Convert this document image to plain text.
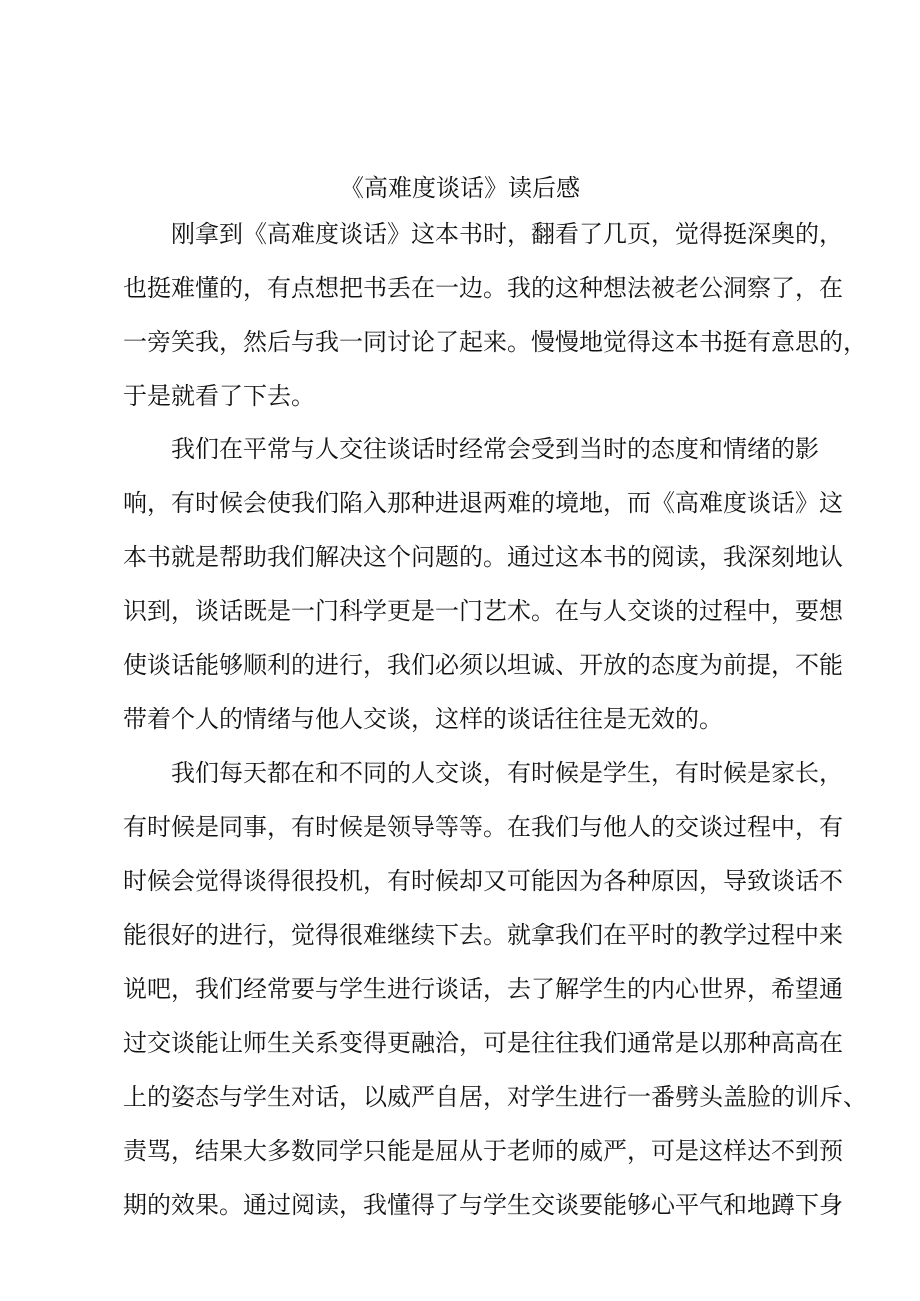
《高难度谈话》读后感
刚拿到《高难度谈话》这本书时，翻看了几页，觉得挺深奥的，
也挺难懂的，有点想把书丢在一边。我的这种想法被老公洞察了，在
一旁笑我，然后与我一同讨论了起来。慢慢地觉得这本书挺有意思的，
于是就看了下去。
我们在平常与人交往谈话时经常会受到当时的态度和情绪的影
响，有时候会使我们陷入那种进退两难的境地，而《高难度谈话》这
本书就是帮助我们解决这个问题的。通过这本书的阅读，我深刻地认
识到，谈话既是一门科学更是一门艺术。在与人交谈的过程中，要想
使谈话能够顺利的进行，我们必须以坦诚、开放的态度为前提，不能
带着个人的情绪与他人交谈，这样的谈话往往是无效的。
我们每天都在和不同的人交谈，有时候是学生，有时候是家长，
有时候是同事，有时候是领导等等。在我们与他人的交谈过程中，有
时候会觉得谈得很投机，有时候却又可能因为各种原因，导致谈话不
能很好的进行，觉得很难继续下去。就拿我们在平时的教学过程中来
说吧，我们经常要与学生进行谈话，去了解学生的内心世界，希望通
过交谈能让师生关系变得更融洽，可是往往我们通常是以那种高高在
上的姿态与学生对话，以威严自居，对学生进行一番劈头盖脸的训斥、
责骂，结果大多数同学只能是屈从于老师的威严，可是这样达不到预
期的效果。通过阅读，我懂得了与学生交谈要能够心平气和地蹲下身
